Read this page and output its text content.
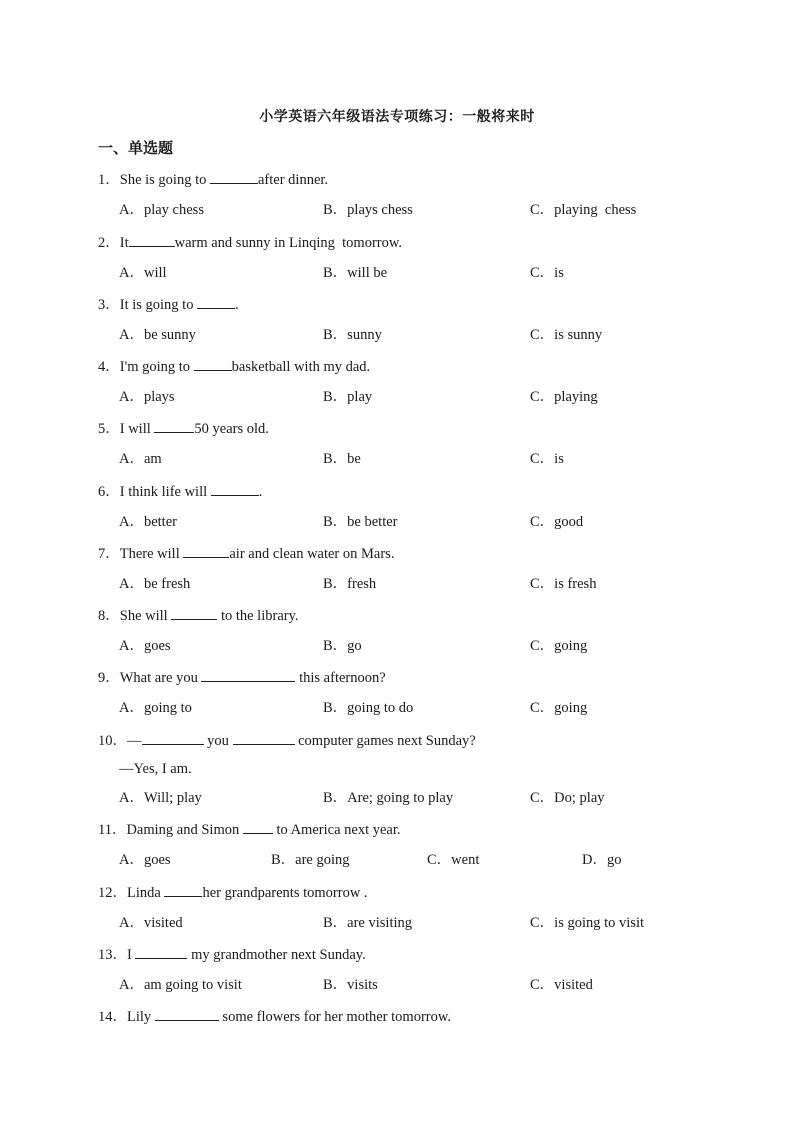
小学英语六年级语法专项练习：一般将来时
一、单选题
1．She is going to	after dinner.
A．play chess	B．plays chess	C．playing  chess
2．It	warm and sunny in Linqing  tomorrow.
A．will	B．will be	C．is
3．It is going to	.
A．be sunny	B．sunny	C．is sunny
4．I'm going to	basketball with my dad.
A．plays	B．play	C．playing
5．I will	50 years old.
A．am	B．be	C．is
6．I think life will	.
A．better	B．be better	C．good
7．There will	air and clean water on Mars.
A．be fresh	B．fresh	C．is fresh
8．She will	to the library.
A．goes	B．go	C．going
9．What are you	this afternoon?
A．going to	B．going to do	C．going
10．—	you	computer games next Sunday?
—Yes, I am.
A．Will; play	B．Are; going to play	C．Do; play
11．Daming and Simon  to America next year.
A．goes	B．are going	C．went	D．go
12．Linda	her grandparents tomorrow .
A．visited	B．are visiting	C．is going to visit
13．I	my grandmother next Sunday.
A．am going to visit	B．visits	C．visited
14．Lily	some flowers for her mother tomorrow.
